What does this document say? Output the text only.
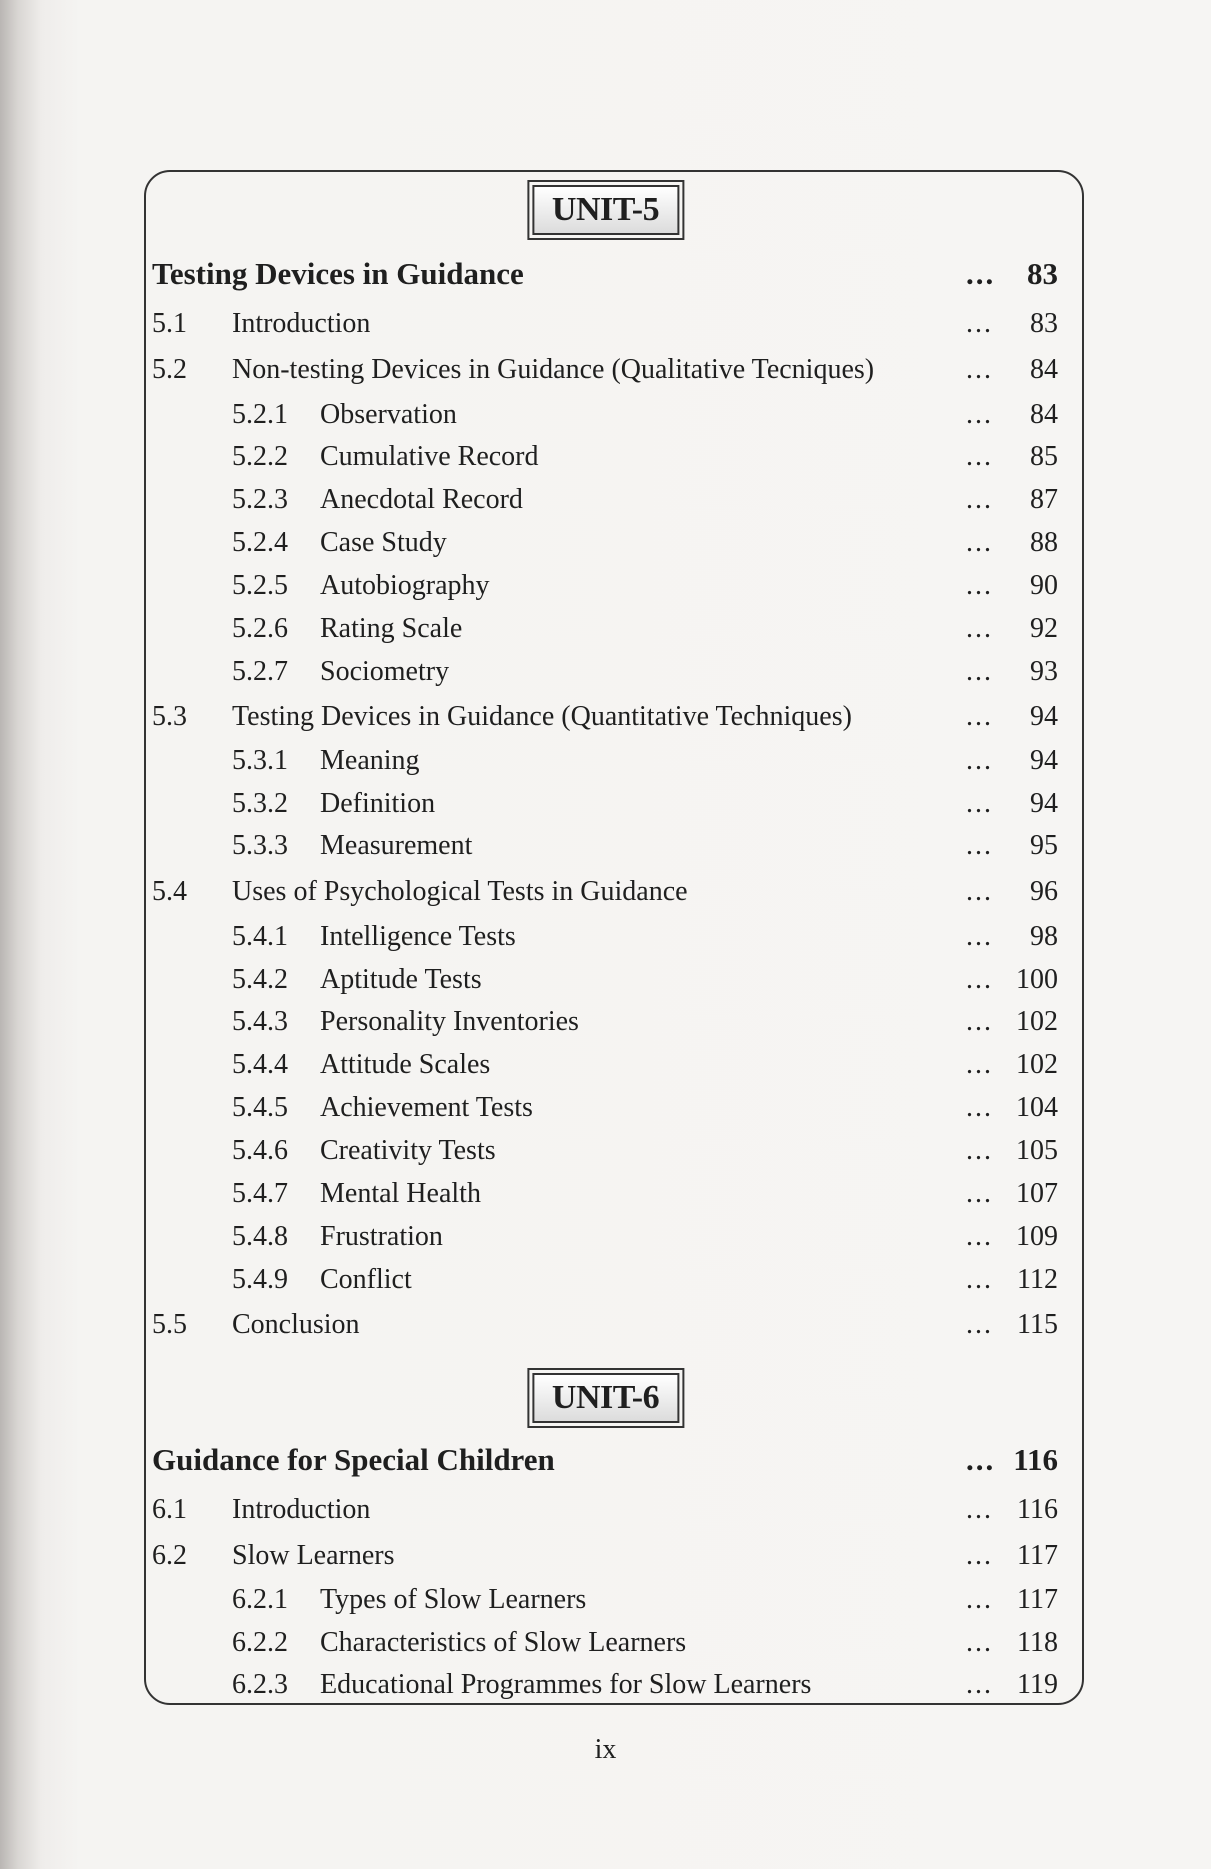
UNIT-5
UNIT-6
Testing Devices in Guidance	...	83
5.1 Introduction	...	83
5.2 Non-testing Devices in Guidance (Qualitative Tecniques)	...	84
5.2.1 Observation	...	84
5.2.2 Cumulative Record	...	85
5.2.3 Anecdotal Record	...	87
5.2.4 Case Study	...	88
5.2.5 Autobiography	...	90
5.2.6 Rating Scale	...	92
5.2.7 Sociometry	...	93
5.3 Testing Devices in Guidance (Quantitative Techniques)	...	94
5.3.1 Meaning	...	94
5.3.2 Definition	...	94
5.3.3 Measurement	...	95
5.4 Uses of Psychological Tests in Guidance	...	96
5.4.1 Intelligence Tests	...	98
5.4.2 Aptitude Tests	... 100
5.4.3 Personality Inventories	... 102
5.4.4 Attitude Scales	... 102
5.4.5 Achievement Tests	... 104
5.4.6 Creativity Tests	... 105
5.4.7 Mental Health	... 107
5.4.8 Frustration	... 109
5.4.9 Conflict	... 112
5.5 Conclusion	... 115
Guidance for Special Children	... 116
6.1 Introduction	... 116
6.2 Slow Learners	... 117
6.2.1 Types of Slow Learners	... 117
6.2.2 Characteristics of Slow Learners	... 118
6.2.3 Educational Programmes for Slow Learners	... 119
ix
